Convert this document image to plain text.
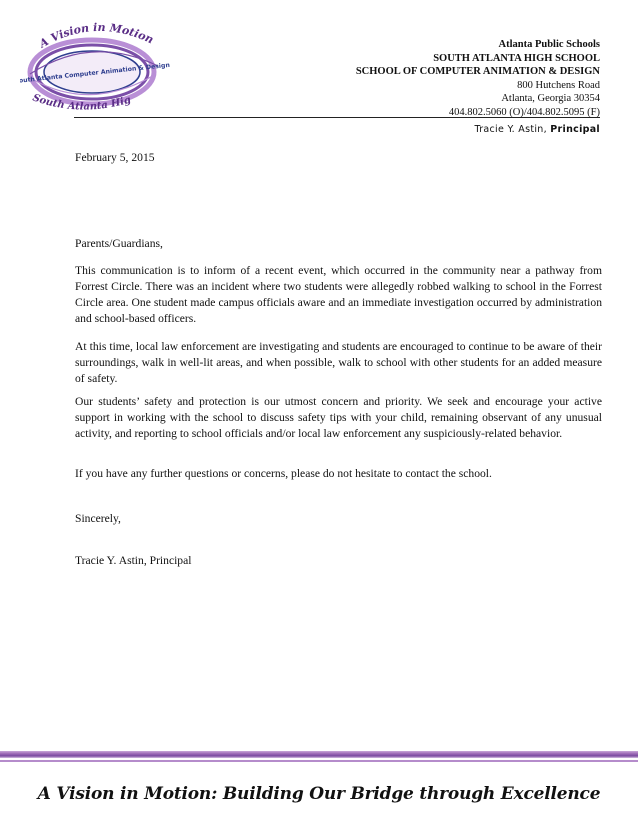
A Vision in Motion
South Atlanta Hig
South Atlanta Computer Animation & Design
Atlanta Public Schools
SOUTH ATLANTA HIGH SCHOOL
SCHOOL OF COMPUTER ANIMATION & DESIGN
800 Hutchens Road
Atlanta, Georgia 30354
404.802.5060 (O)/404.802.5095 (F)
Tracie Y. Astin, Principal
February 5, 2015
Parents/Guardians,
This communication is to inform of a recent event, which occurred in the community near a pathway from Forrest Circle. There was an incident where two students were allegedly robbed walking to school in the Forrest Circle area. One student made campus officials aware and an immediate investigation occurred by administration and school-based officers.
At this time, local law enforcement are investigating and students are encouraged to continue to be aware of their surroundings, walk in well-lit areas, and when possible, walk to school with other students for an added measure of safety.
Our students’ safety and protection is our utmost concern and priority. We seek and encourage your active support in working with the school to discuss safety tips with your child, remaining observant of any unusual activity, and reporting to school officials and/or local law enforcement any suspiciously-related behavior.
If you have any further questions or concerns, please do not hesitate to contact the school.
Sincerely,
Tracie Y. Astin, Principal
A Vision in Motion: Building Our Bridge through Excellence
